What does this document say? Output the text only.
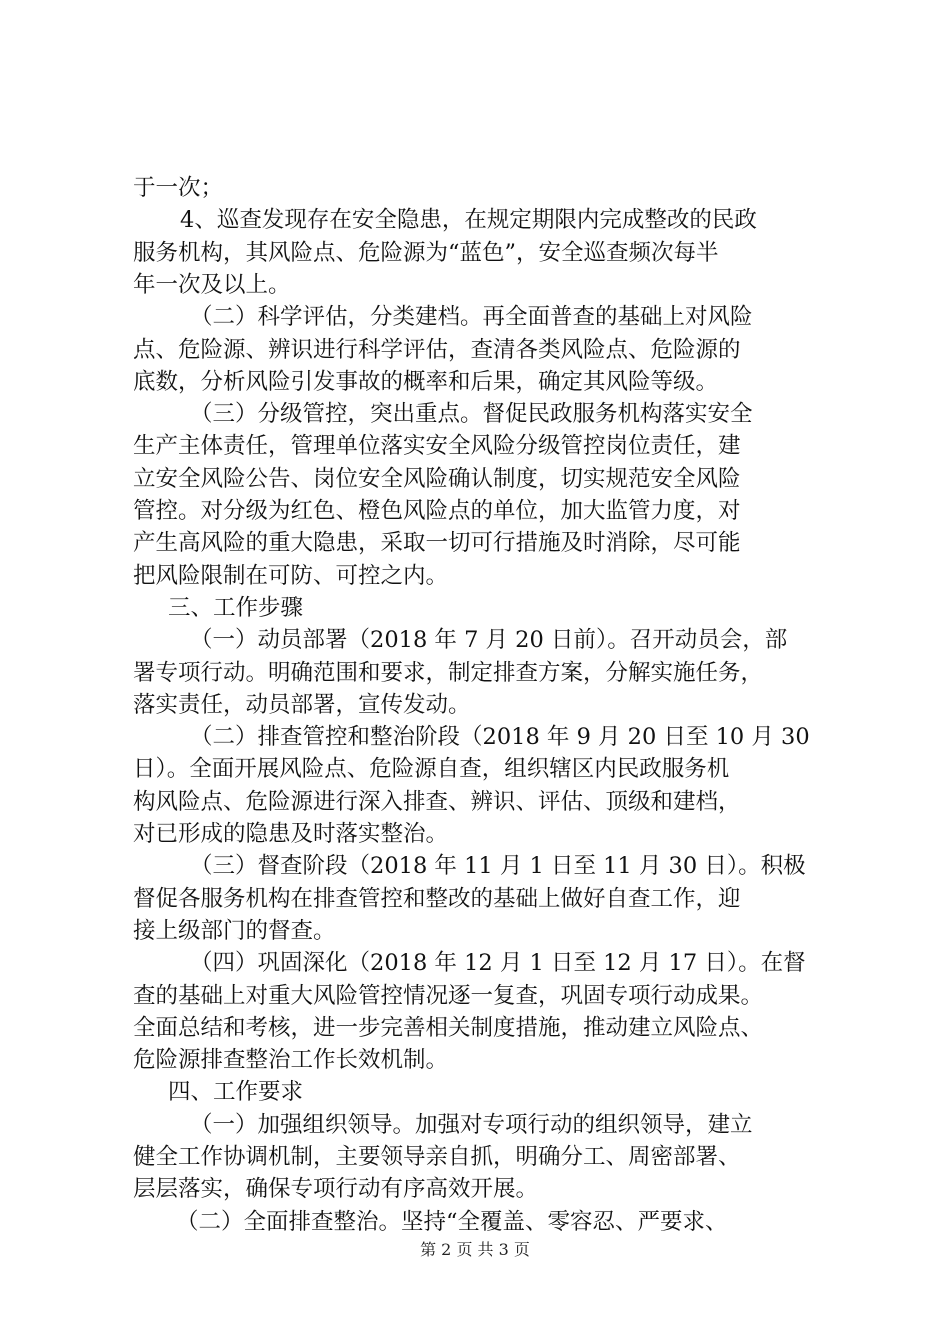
于一次；
4、巡查发现存在安全隐患，在规定期限内完成整改的民政
服务机构，其风险点、危险源为“蓝色”，安全巡查频次每半
年一次及以上。
（二）科学评估，分类建档。再全面普查的基础上对风险
点、危险源、辨识进行科学评估，查清各类风险点、危险源的
底数，分析风险引发事故的概率和后果，确定其风险等级。
（三）分级管控，突出重点。督促民政服务机构落实安全
生产主体责任，管理单位落实安全风险分级管控岗位责任，建
立安全风险公告、岗位安全风险确认制度，切实规范安全风险
管控。对分级为红色、橙色风险点的单位，加大监管力度，对
产生高风险的重大隐患，采取一切可行措施及时消除，尽可能
把风险限制在可防、可控之内。
三、工作步骤
（一）动员部署（2018 年 7 月 20 日前）。召开动员会，部
署专项行动。明确范围和要求，制定排查方案，分解实施任务，
落实责任，动员部署，宣传发动。
（二）排查管控和整治阶段（2018 年 9 月 20 日至 10 月 30
日）。全面开展风险点、危险源自查，组织辖区内民政服务机
构风险点、危险源进行深入排查、辨识、评估、顶级和建档，
对已形成的隐患及时落实整治。
（三）督查阶段（2018 年 11 月 1 日至 11 月 30 日）。积极
督促各服务机构在排查管控和整改的基础上做好自查工作，迎
接上级部门的督查。
（四）巩固深化（2018 年 12 月 1 日至 12 月 17 日）。在督
查的基础上对重大风险管控情况逐一复查，巩固专项行动成果。
全面总结和考核，进一步完善相关制度措施，推动建立风险点、
危险源排查整治工作长效机制。
四、工作要求
（一）加强组织领导。加强对专项行动的组织领导，建立
健全工作协调机制，主要领导亲自抓，明确分工、周密部署、
层层落实，确保专项行动有序高效开展。
（二）全面排查整治。坚持“全覆盖、零容忍、严要求、
第 2 页 共 3 页
